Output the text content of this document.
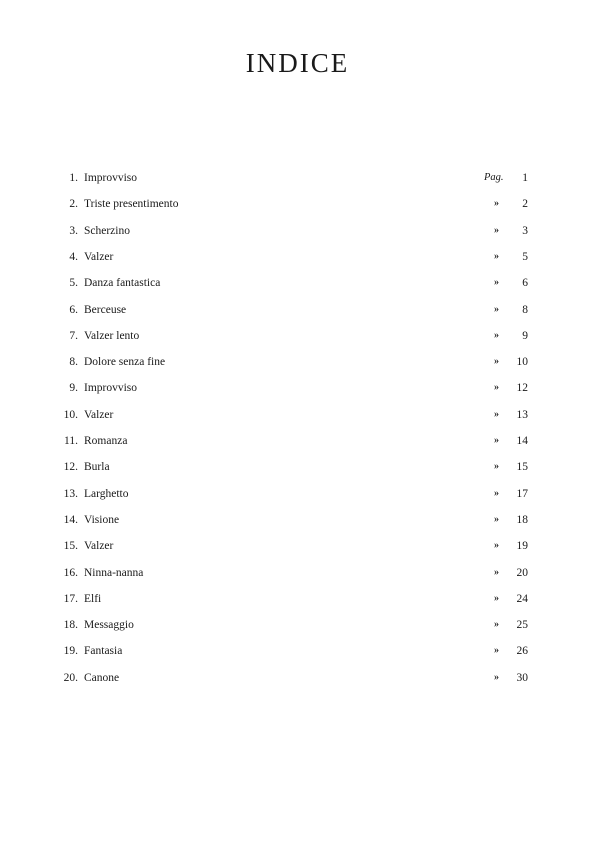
INDICE
1. Improvviso	Pag.	1
2. Triste presentimento	»	2
3. Scherzino	»	3
4. Valzer	»	5
5. Danza fantastica	»	6
6. Berceuse	»	8
7. Valzer lento	»	9
8. Dolore senza fine	»	10
9. Improvviso	»	12
10. Valzer	»	13
11. Romanza	»	14
12. Burla	»	15
13. Larghetto	»	17
14. Visione	»	18
15. Valzer	»	19
16. Ninna-nanna	»	20
17. Elfi	»	24
18. Messaggio	»	25
19. Fantasia	»	26
20. Canone	»	30
